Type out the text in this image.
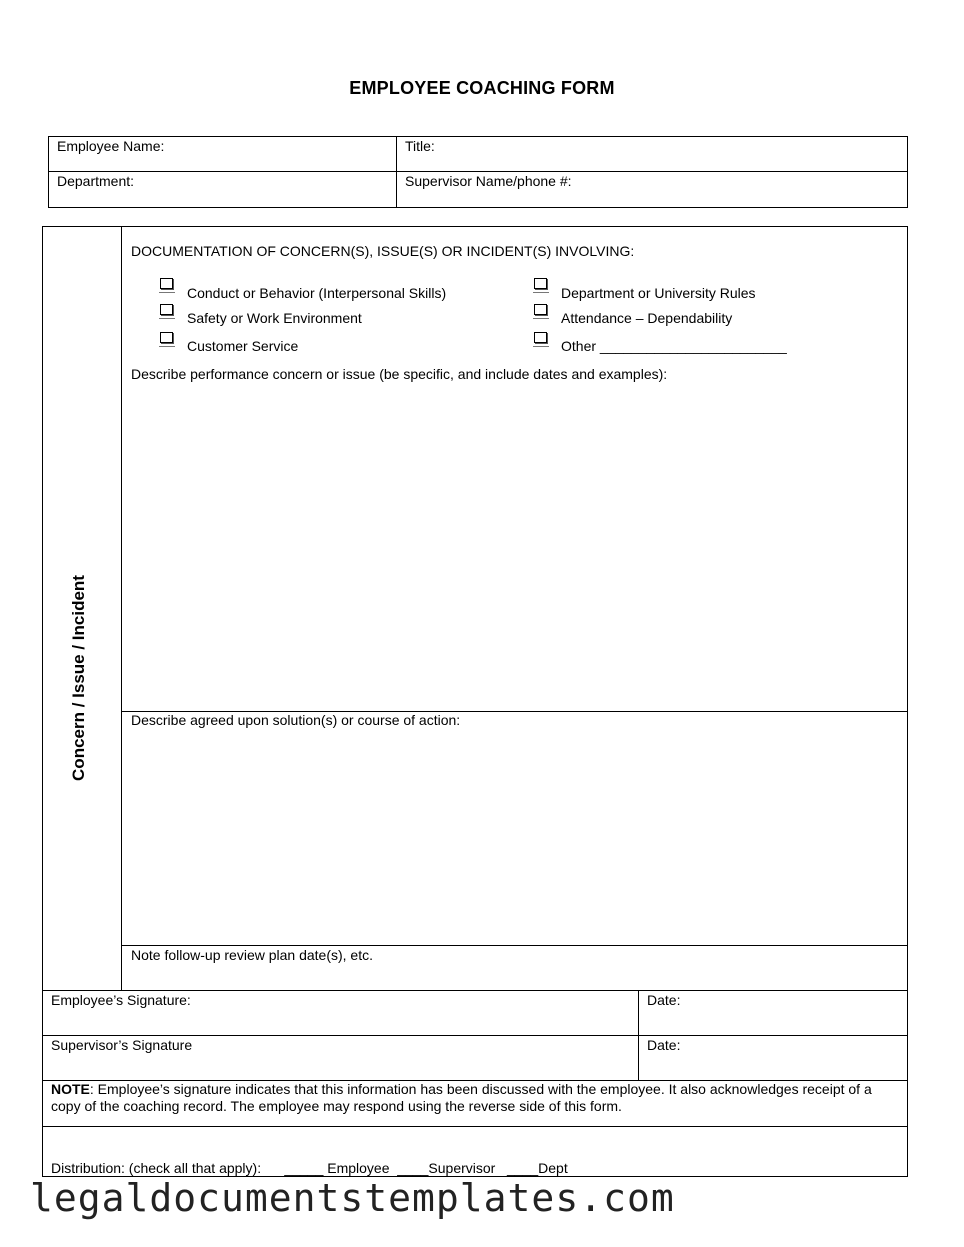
EMPLOYEE COACHING FORM
Employee Name:	Title:
Department:	Supervisor Name/phone #:
Concern / Issue / Incident
DOCUMENTATION OF CONCERN(S), ISSUE(S) OR INCIDENT(S) INVOLVING:
Conduct or Behavior (Interpersonal Skills)
Safety or Work Environment
Customer Service
Department or University Rules
Attendance – Dependability
Other ________________________
Describe performance concern or issue (be specific, and include dates and examples):
Describe agreed upon solution(s) or course of action:
Note follow-up review plan date(s), etc.
Employee’s Signature:	Date:
Supervisor’s Signature	Date:
NOTE: Employee’s signature indicates that this information has been discussed with the employee. It also acknowledges receipt of a copy of the coaching record. The employee may respond using the reverse side of this form.
Distribution: (check all that apply):      _____ Employee  ____Supervisor   ____Dept
legaldocumentstemplates.com
